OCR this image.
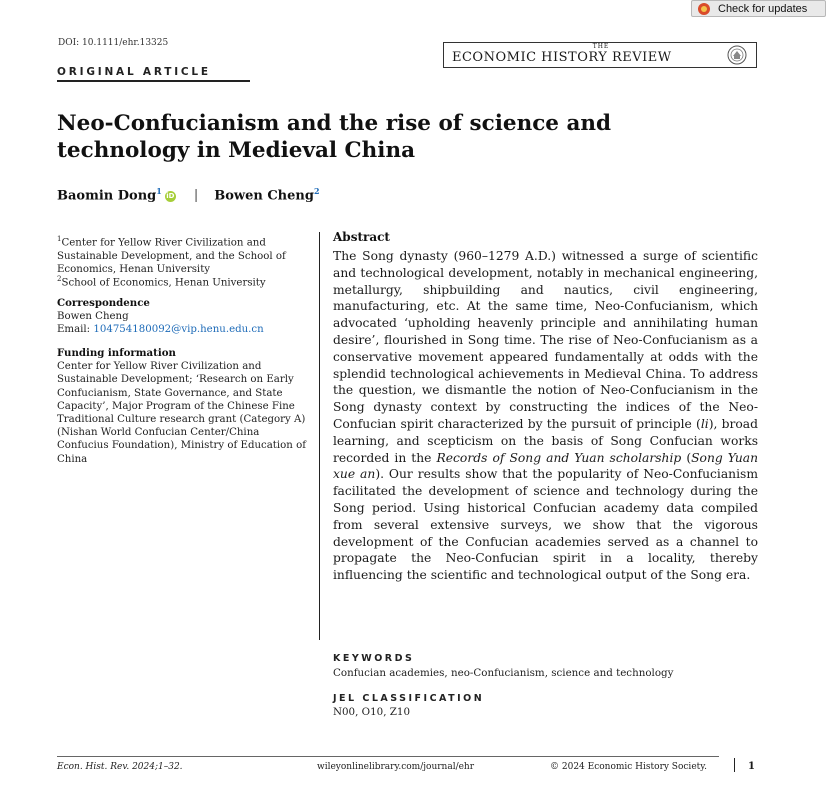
Check for updates
DOI: 10.1111/ehr.13325	THE
ECONOMIC HISTORY REVIEW
ORIGINAL ARTICLE
Neo-Confucianism and the rise of science and
technology in Medieval China
Baomin Dong$^1$iD | Bowen Cheng$^2$
$^1$Center for Yellow River Civilization and Sustainable Development, and the School of Economics, Henan University
$^2$School of Economics, Henan University
Correspondence
Bowen Cheng
Email: 104754180092@vip.henu.edu.cn
Funding information
Center for Yellow River Civilization and Sustainable Development; ‘Research on Early Confucianism, State Governance, and State Capacity’, Major Program of the Chinese Fine Traditional Culture research grant (Category A) (Nishan World Confucian Center/China Confucius Foundation), Ministry of Education of China
Abstract
The Song dynasty (960–1279 A.D.) witnessed a surge of scientific and technological development, notably in mechanical engineering, metallurgy, shipbuilding and nautics, civil engineering, manufacturing, etc. At the same time, Neo-Confucianism, which advocated ‘upholding heavenly principle and annihilating human desire’, flourished in Song time. The rise of Neo-Confucianism as a conservative movement appeared fundamentally at odds with the splendid technological achievements in Medieval China. To address the question, we dismantle the notion of Neo-Confucianism in the Song dynasty context by constructing the indices of the Neo-Confucian spirit characterized by the pursuit of principle (li), broad learning, and scepticism on the basis of Song Confucian works recorded in the Records of Song and Yuan scholarship (Song Yuan xue an). Our results show that the popularity of Neo-Confucianism facilitated the development of science and technology during the Song period. Using historical Confucian academy data compiled from several extensive surveys, we show that the vigorous development of the Confucian academies served as a channel to propagate the Neo-Confucian spirit in a locality, thereby influencing the scientific and technological output of the Song era.
KEYWORDS
Confucian academies, neo-Confucianism, science and technology
JEL CLASSIFICATION
N00, O10, Z10
Econ. Hist. Rev. 2024;1–32.	wileyonlinelibrary.com/journal/ehr	© 2024 Economic History Society.	1
